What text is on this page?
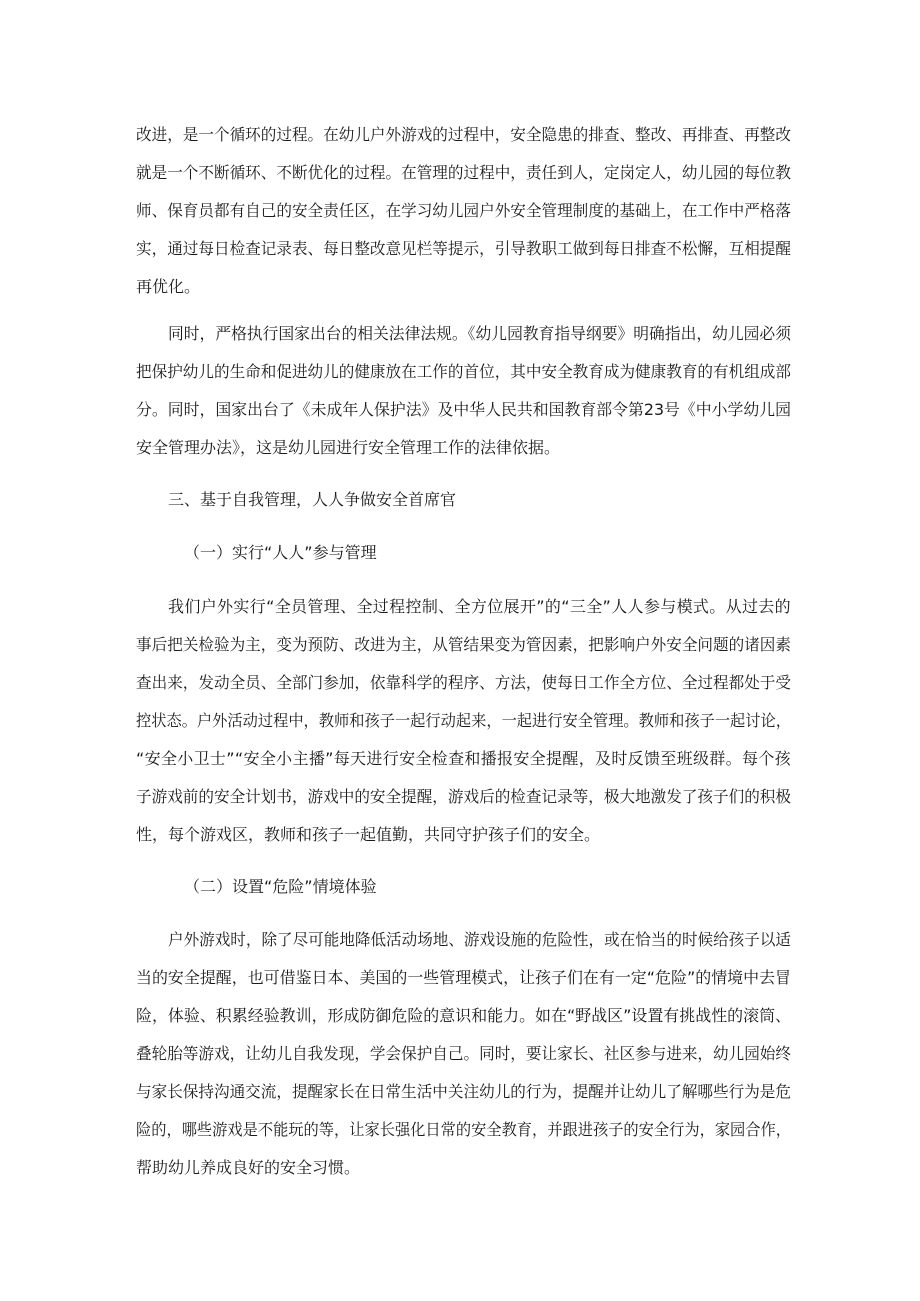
改进，是一个循环的过程。在幼儿户外游戏的过程中，安全隐患的排查、整改、再排查、再整改

就是一个不断循环、不断优化的过程。在管理的过程中，责任到人，定岗定人，幼儿园的每位教

师、保育员都有自己的安全责任区，在学习幼儿园户外安全管理制度的基础上，在工作中严格落

实，通过每日检查记录表、每日整改意见栏等提示，引导教职工做到每日排查不松懈，互相提醒

再优化。

同时，严格执行国家出台的相关法律法规。《幼儿园教育指导纲要》明确指出，幼儿园必须

把保护幼儿的生命和促进幼儿的健康放在工作的首位，其中安全教育成为健康教育的有机组成部

分。同时，国家出台了《未成年人保护法》及中华人民共和国教育部令第23号《中小学幼儿园

安全管理办法》，这是幼儿园进行安全管理工作的法律依据。

三、基于自我管理，人人争做安全首席官

（一）实行“人人”参与管理

我们户外实行“全员管理、全过程控制、全方位展开”的“三全”人人参与模式。从过去的

事后把关检验为主，变为预防、改进为主，从管结果变为管因素，把影响户外安全问题的诸因素

查出来，发动全员、全部门参加，依靠科学的程序、方法，使每日工作全方位、全过程都处于受

控状态。户外活动过程中，教师和孩子一起行动起来，一起进行安全管理。教师和孩子一起讨论，

“安全小卫士”“安全小主播”每天进行安全检查和播报安全提醒，及时反馈至班级群。每个孩

子游戏前的安全计划书，游戏中的安全提醒，游戏后的检查记录等，极大地激发了孩子们的积极

性，每个游戏区，教师和孩子一起值勤，共同守护孩子们的安全。

（二）设置“危险”情境体验

户外游戏时，除了尽可能地降低活动场地、游戏设施的危险性，或在恰当的时候给孩子以适

当的安全提醒，也可借鉴日本、美国的一些管理模式，让孩子们在有一定“危险”的情境中去冒

险，体验、积累经验教训，形成防御危险的意识和能力。如在“野战区”设置有挑战性的滚筒、

叠轮胎等游戏，让幼儿自我发现，学会保护自己。同时，要让家长、社区参与进来，幼儿园始终

与家长保持沟通交流，提醒家长在日常生活中关注幼儿的行为，提醒并让幼儿了解哪些行为是危

险的，哪些游戏是不能玩的等，让家长强化日常的安全教育，并跟进孩子的安全行为，家园合作，

帮助幼儿养成良好的安全习惯。
